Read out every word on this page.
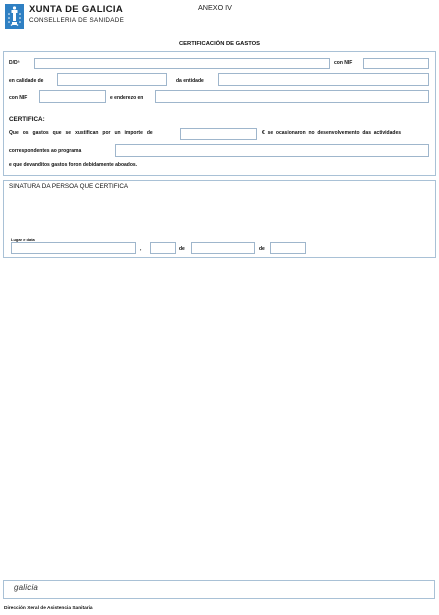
XUNTA DE GALICIA
CONSELLERIA DE SANIDADE
ANEXO IV
CERTIFICACIÓN DE GASTOS
D/Dª	con NIF
en calidade de	da entidade
con NIF	e enderezo en
CERTIFICA:
Que os gastos que se xustifican por un importe de	€ se ocasionaron no desenvolvemento das actividades
correspondentes ao programa
e que devanditos gastos foron debidamente aboados.
SINATURA DA PERSOA QUE CERTIFICA
Lugar e data
,	de	de
galicia
Dirección Xeral de Asistencia Sanitaria
